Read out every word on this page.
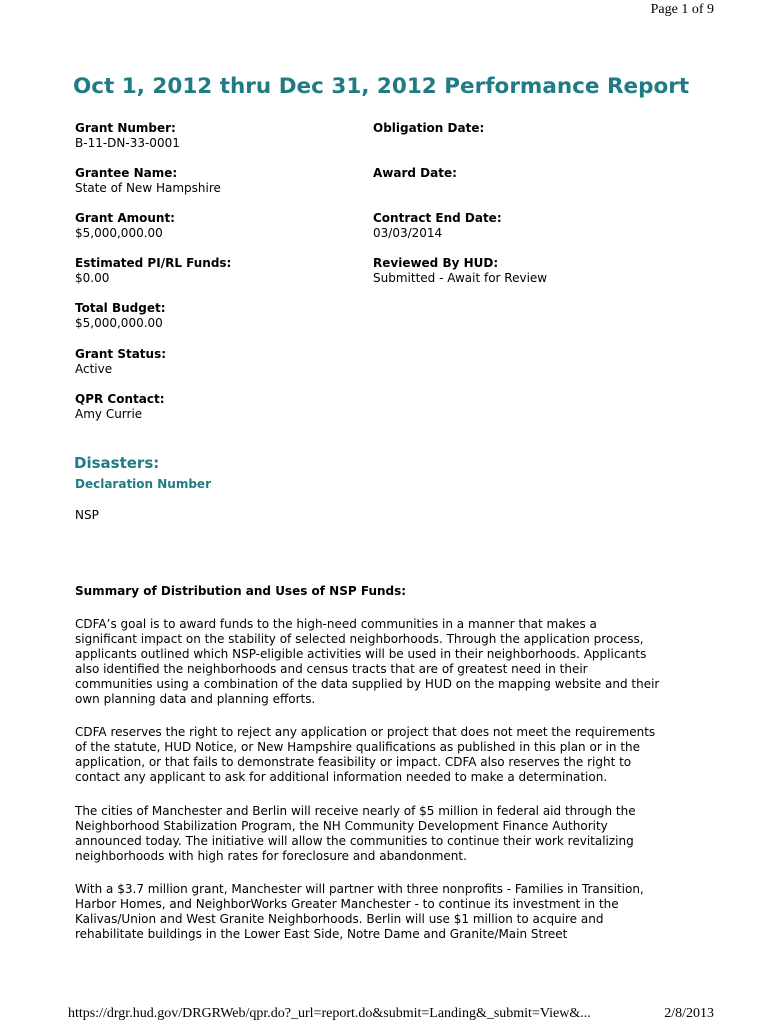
Page 1 of 9
Oct 1, 2012 thru Dec 31, 2012 Performance Report
Grant Number:
B-11-DN-33-0001
Grantee Name:
State of New Hampshire
Grant Amount:
$5,000,000.00
Estimated PI/RL Funds:
$0.00
Total Budget:
$5,000,000.00
Grant Status:
Active
QPR Contact:
Amy Currie
Obligation Date:
Award Date:
Contract End Date:
03/03/2014
Reviewed By HUD:
Submitted - Await for Review
Disasters:
Declaration Number
NSP
Summary of Distribution and Uses of NSP Funds:

CDFA’s goal is to award funds to the high-need communities in a manner that makes a
significant impact on the stability of selected neighborhoods. Through the application process,
applicants outlined which NSP-eligible activities will be used in their neighborhoods. Applicants
also identified the neighborhoods and census tracts that are of greatest need in their
communities using a combination of the data supplied by HUD on the mapping website and their
own planning data and planning efforts.

CDFA reserves the right to reject any application or project that does not meet the requirements
of the statute, HUD Notice, or New Hampshire qualifications as published in this plan or in the
application, or that fails to demonstrate feasibility or impact. CDFA also reserves the right to
contact any applicant to ask for additional information needed to make a determination.

The cities of Manchester and Berlin will receive nearly of $5 million in federal aid through the
Neighborhood Stabilization Program, the NH Community Development Finance Authority
announced today. The initiative will allow the communities to continue their work revitalizing
neighborhoods with high rates for foreclosure and abandonment.

With a $3.7 million grant, Manchester will partner with three nonprofits - Families in Transition,
Harbor Homes, and NeighborWorks Greater Manchester - to continue its investment in the
Kalivas/Union and West Granite Neighborhoods. Berlin will use $1 million to acquire and
rehabilitate buildings in the Lower East Side, Notre Dame and Granite/Main Street

https://drgr.hud.gov/DRGRWeb/qpr.do?_url=report.do&submit=Landing&_submit=View&...	2/8/2013
